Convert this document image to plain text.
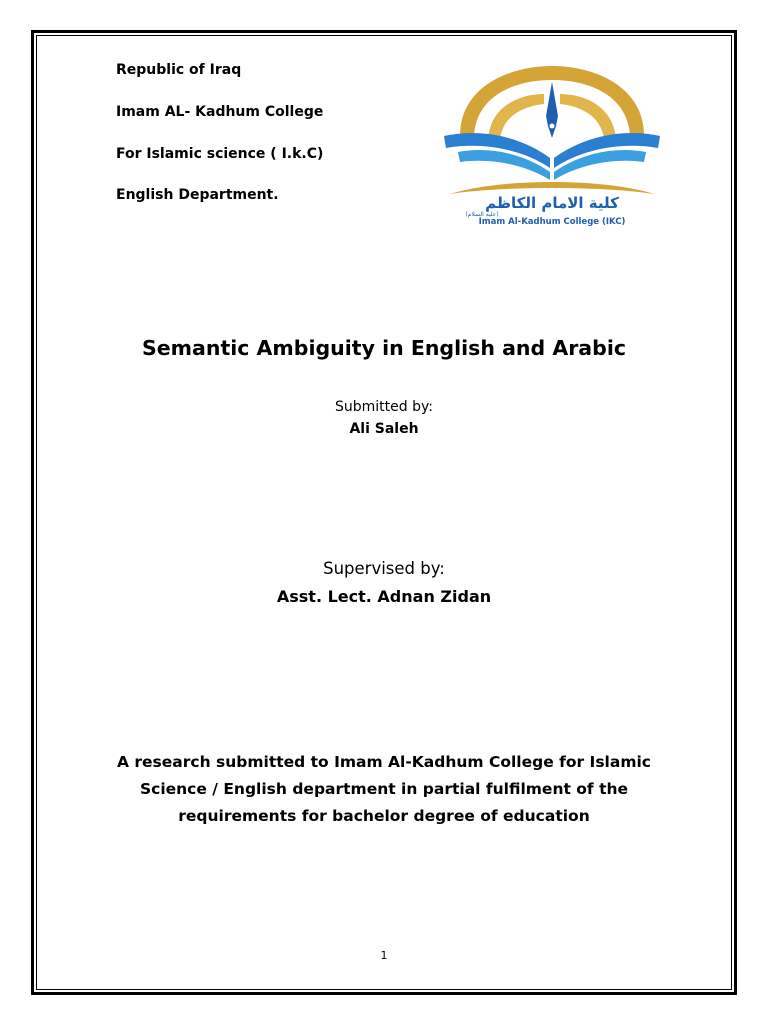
Republic of Iraq
Imam AL- Kadhum College
For Islamic science ( I.k.C)
English Department.	كلية الامام الكاظم
(عليه السلام)
Imam Al-Kadhum College (IKC)
Semantic Ambiguity in English and Arabic
Submitted by:
Ali Saleh
Supervised by:
Asst. Lect. Adnan Zidan
A research submitted to Imam Al-Kadhum College for Islamic
Science / English department in partial fulfilment of the
requirements for bachelor degree of education
1
